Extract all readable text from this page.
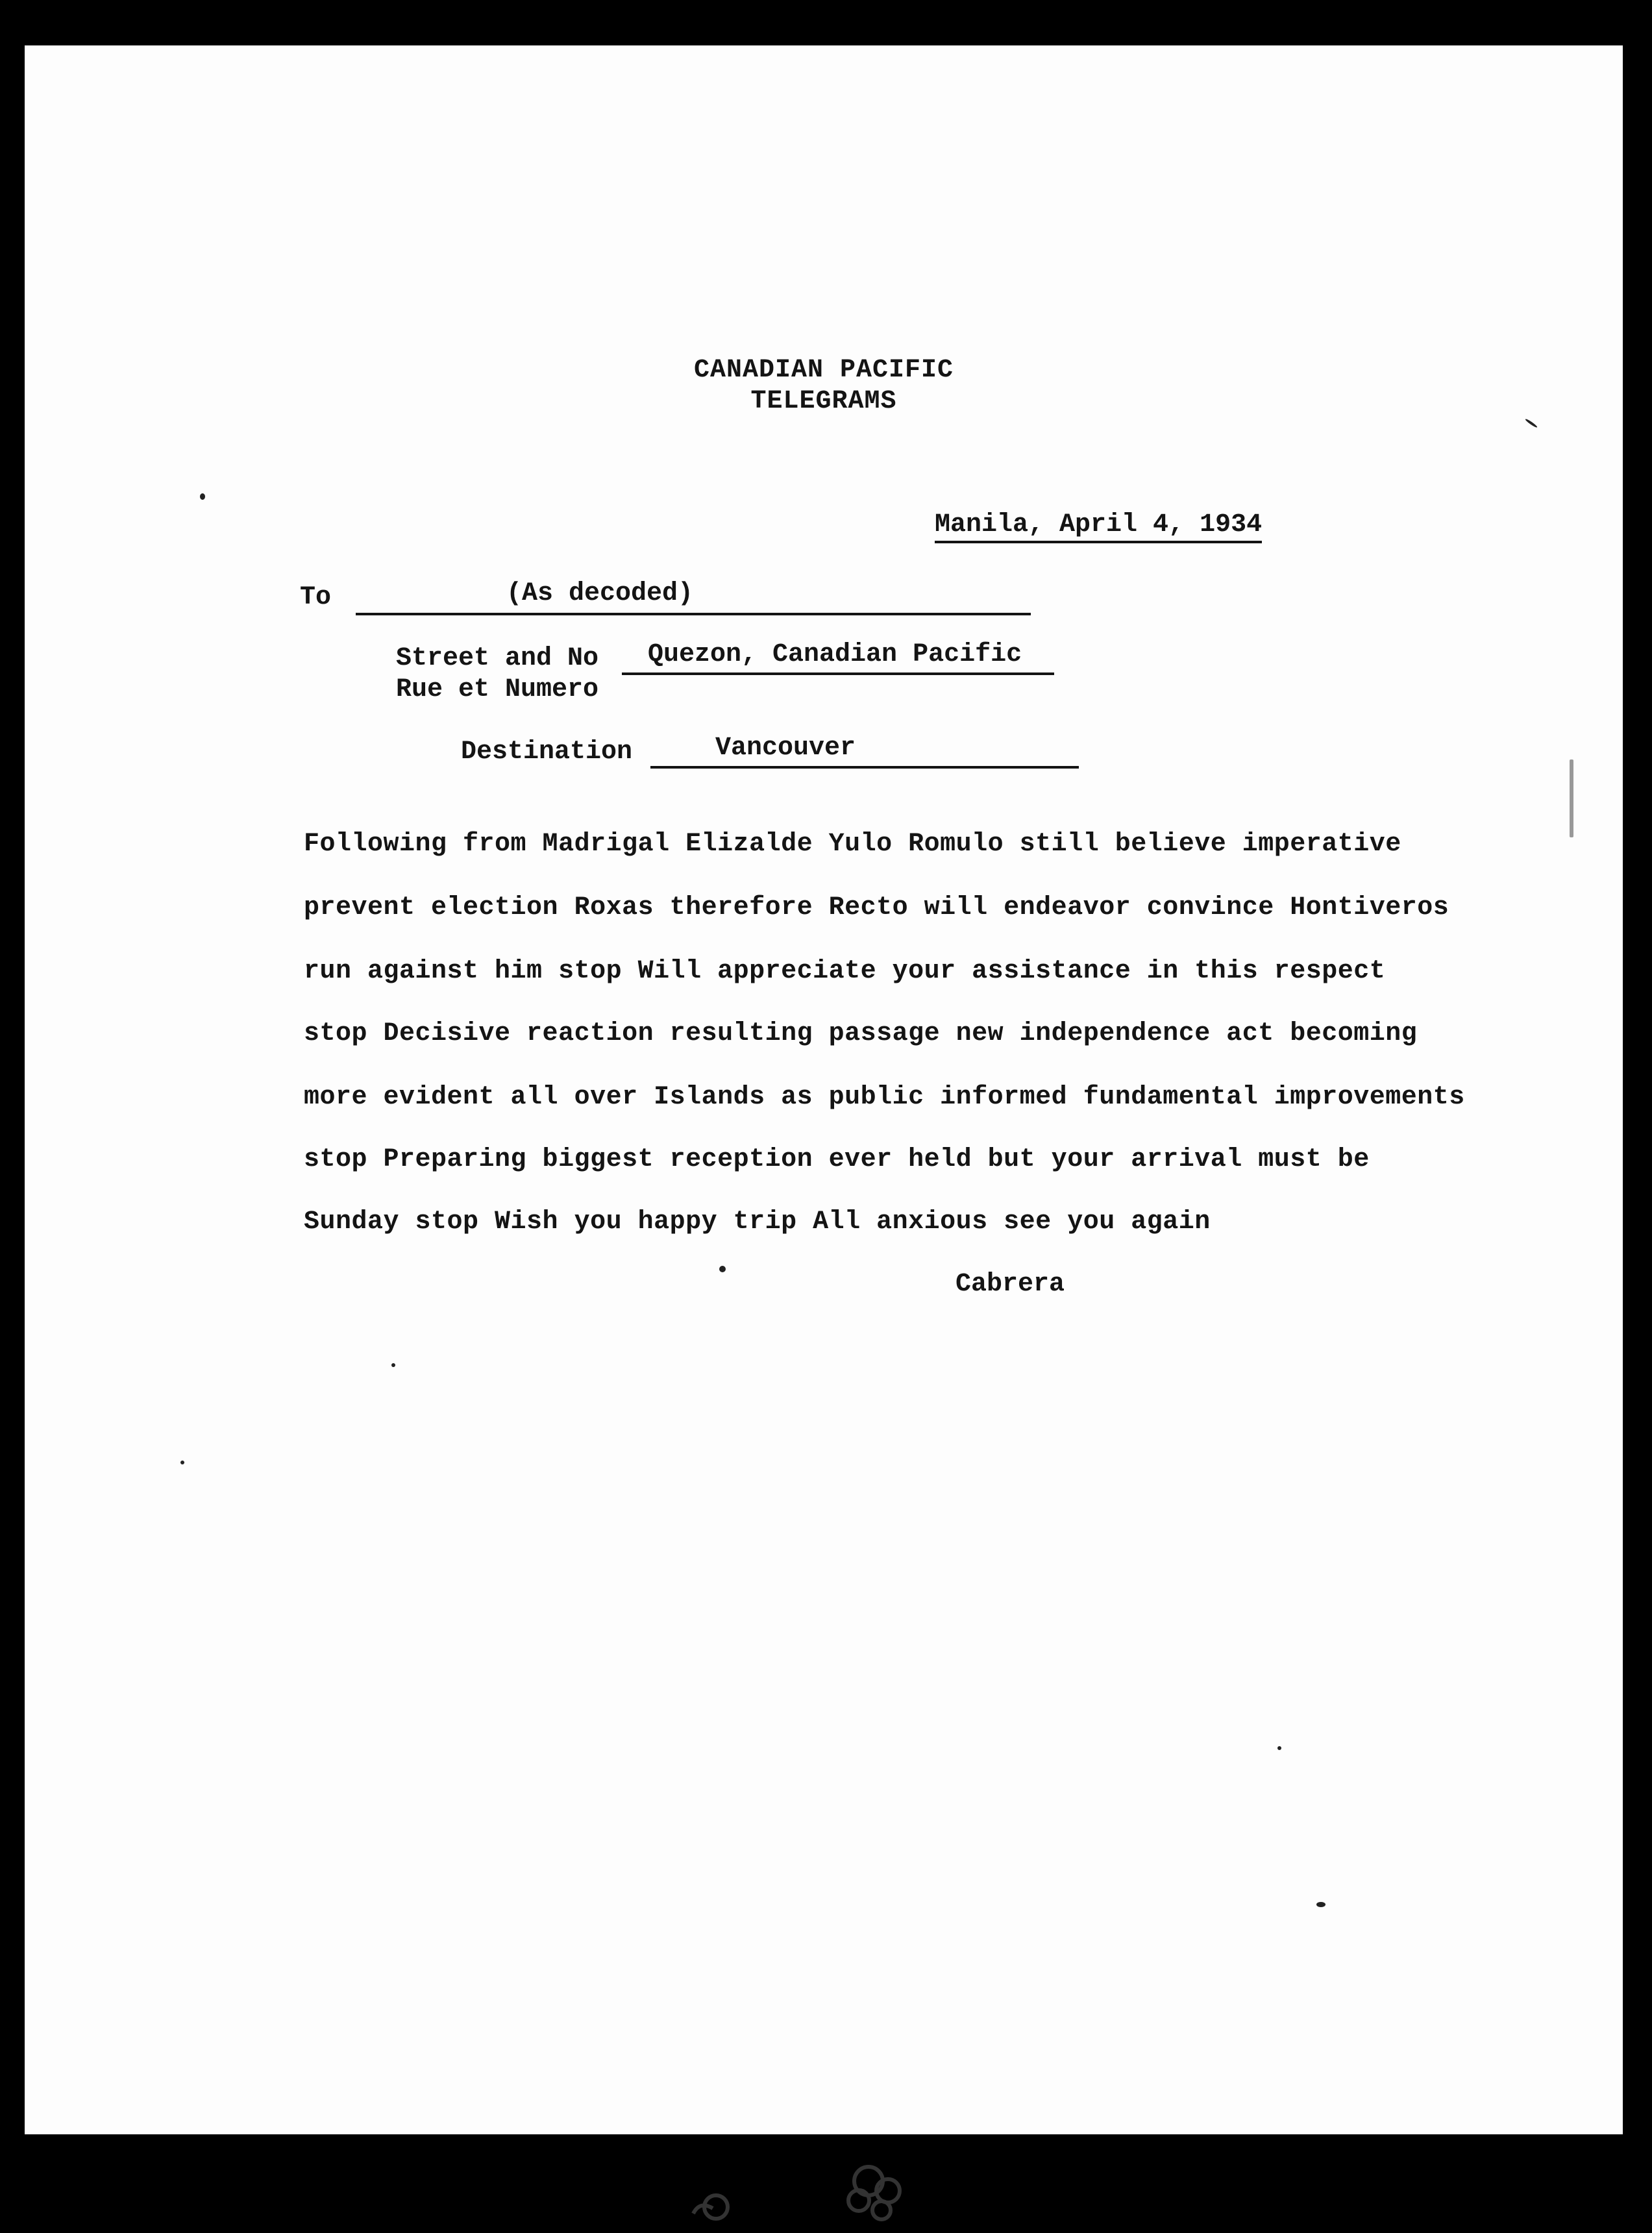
CANADIAN PACIFIC
TELEGRAMS
Manila, April 4, 1934
To	(As decoded)
Street and No
Rue et Numero
Quezon, Canadian Pacific
Destination	Vancouver
Following from Madrigal Elizalde Yulo Romulo still believe imperative
prevent election Roxas therefore Recto will endeavor convince Hontiveros
run against him stop Will appreciate your assistance in this respect
stop Decisive reaction resulting passage new independence act becoming
more evident all over Islands as public informed fundamental improvements
stop Preparing biggest reception ever held but your arrival must be
Sunday stop Wish you happy trip All anxious see you again
Cabrera
